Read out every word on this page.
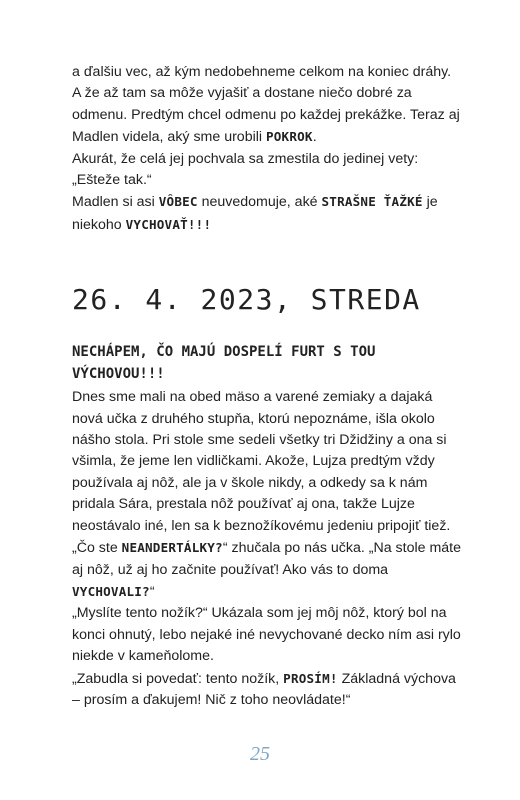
a ďalšiu vec, až kým nedobehneme celkom na koniec dráhy. A že až tam sa môže vyjašiť a dostane niečo dobré za odmenu. Predtým chcel odmenu po každej prekážke. Teraz aj Madlen videla, aký sme urobili POKROK.

Akurát, že celá jej pochvala sa zmestila do jedinej vety: „Ešteže tak.“

Madlen si asi VÔBEC neuvedomuje, aké STRAŠNE ŤAŽKÉ je niekoho VYCHOVAŤ!!!

26. 4. 2023, STREDA

NECHÁPEM, ČO MAJÚ DOSPELÍ FURT S TOU VÝCHOVOU!!!

Dnes sme mali na obed mäso a varené zemiaky a dajaká nová učka z druhého stupňa, ktorú nepoznáme, išla okolo nášho stola. Pri stole sme sedeli všetky tri Džidžiny a ona si všimla, že jeme len vidličkami. Akože, Lujza predtým vždy používala aj nôž, ale ja v škole nikdy, a odkedy sa k nám pridala Sára, prestala nôž používať aj ona, takže Lujze neostávalo iné, len sa k beznožíkovému jedeniu pripojiť tiež. „Čo ste NEANDERTÁLKY?“ zhučala po nás učka. „Na stole máte aj nôž, už aj ho začnite používať! Ako vás to doma VYCHOVALI?“

„Myslíte tento nožík?“ Ukázala som jej môj nôž, ktorý bol na konci ohnutý, lebo nejaké iné nevychované decko ním asi rylo niekde v kameňolome.

„Zabudla si povedať: tento nožík, PROSÍM! Základná výchova – prosím a ďakujem! Nič z toho neovládate!“

25
